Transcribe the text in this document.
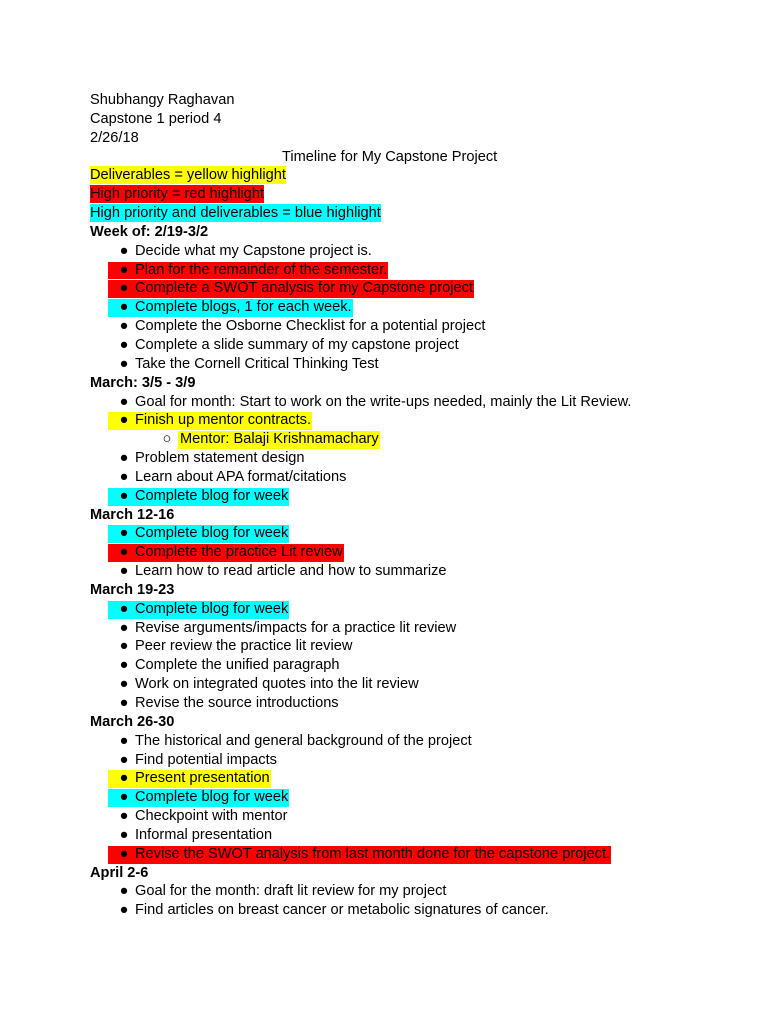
Shubhangy Raghavan
Capstone 1 period 4
2/26/18
Timeline for My Capstone Project
Deliverables = yellow highlight
High priority = red highlight
High priority and deliverables = blue highlight
Week of: 2/19-3/2
● Decide what my Capstone project is.
● Plan for the remainder of the semester.
● Complete a SWOT analysis for my Capstone project
● Complete blogs, 1 for each week.
● Complete the Osborne Checklist for a potential project
● Complete a slide summary of my capstone project
● Take the Cornell Critical Thinking Test
March: 3/5 - 3/9
● Goal for month: Start to work on the write-ups needed, mainly the Lit Review.
● Finish up mentor contracts.
○ Mentor: Balaji Krishnamachary
● Problem statement design
● Learn about APA format/citations
● Complete blog for week
March 12-16
● Complete blog for week
● Complete the practice Lit review
● Learn how to read article and how to summarize
March 19-23
● Complete blog for week
● Revise arguments/impacts for a practice lit review
● Peer review the practice lit review
● Complete the unified paragraph
● Work on integrated quotes into the lit review
● Revise the source introductions
March 26-30
● The historical and general background of the project
● Find potential impacts
● Present presentation
● Complete blog for week
● Checkpoint with mentor
● Informal presentation
● Revise the SWOT analysis from last month done for the capstone project.
April 2-6
● Goal for the month: draft lit review for my project
● Find articles on breast cancer or metabolic signatures of cancer.
